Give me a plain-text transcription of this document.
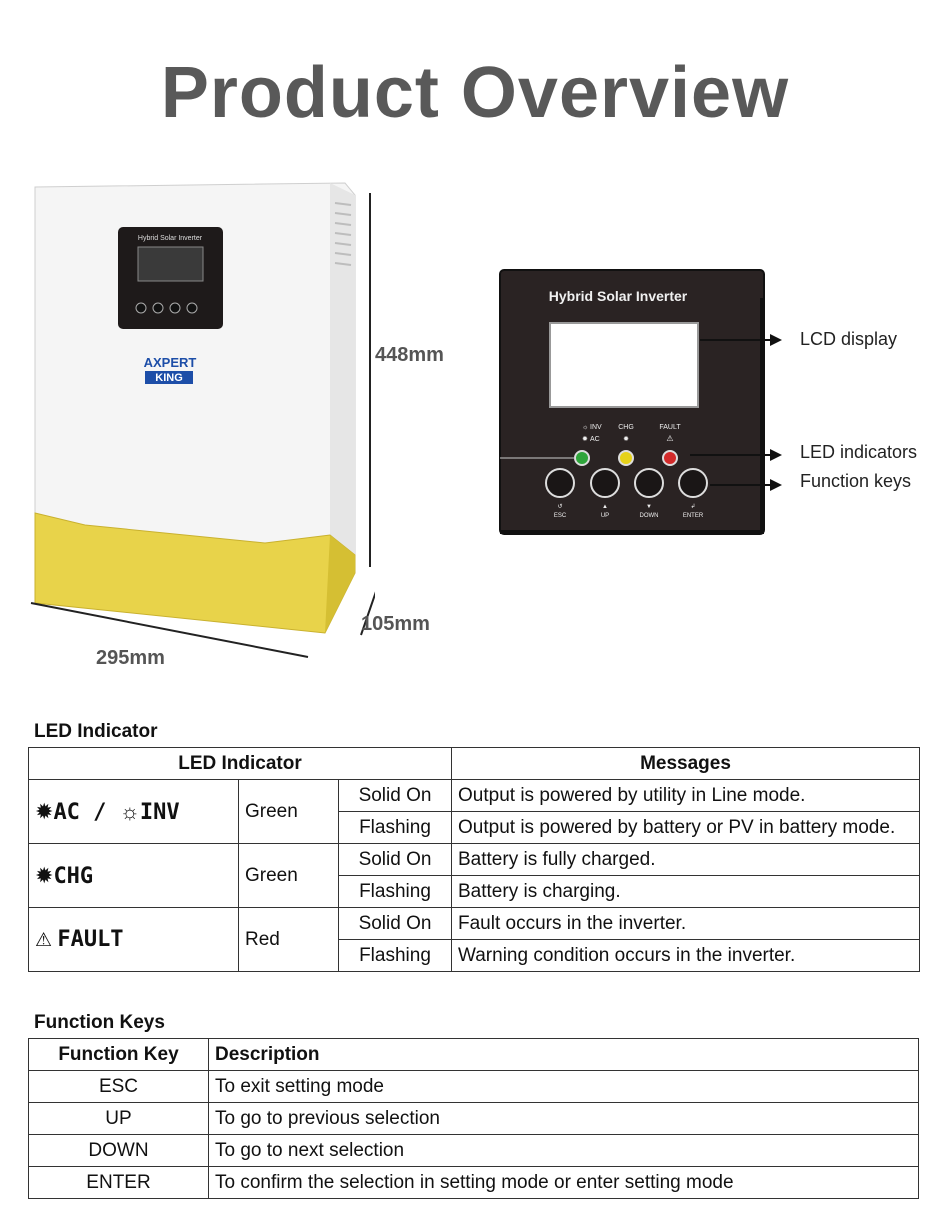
Product Overview
Hybrid Solar Inverter
AXPERT
KING
448mm
105mm
295mm
Hybrid Solar Inverter
☼ INV
✹ AC
CHG
✹
FAULT
⚠
↺	▲	▼	↲
ESC	UP	DOWN	ENTER
LCD display
LED indicators
Function keys
LED Indicator
LED Indicator			Messages
✹AC / ☼INV	Green	Solid On	Output is powered by utility in Line mode.
		Flashing	Output is powered by battery or PV in battery mode.
✹CHG	Green	Solid On	Battery is fully charged.
		Flashing	Battery is charging.
⚠ FAULT	Red	Solid On	Fault occurs in the inverter.
		Flashing	Warning condition occurs in the inverter.
Function Keys
Function Key	Description
ESC	To exit setting mode
UP	To go to previous selection
DOWN	To go to next selection
ENTER	To confirm the selection in setting mode or enter setting mode
